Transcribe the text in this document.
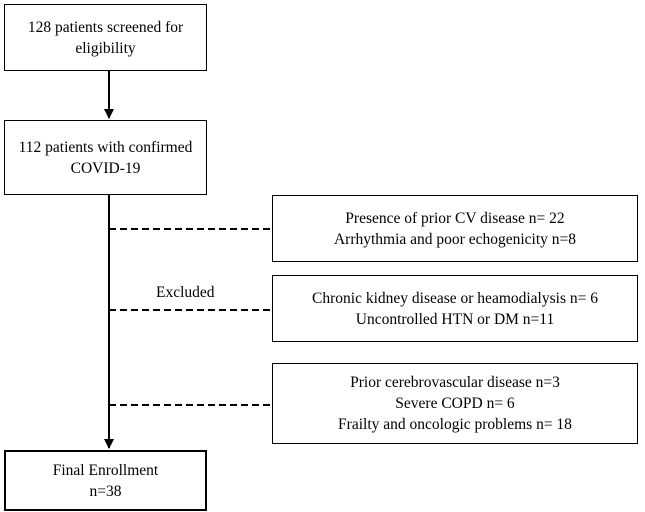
128 patients screened for
eligibility
112 patients with confirmed
COVID-19
Excluded
Presence of prior CV disease n= 22
Arrhythmia and poor echogenicity n=8
Chronic kidney disease or heamodialysis n= 6
Uncontrolled HTN or DM n=11
Prior cerebrovascular disease n=3
Severe COPD n= 6
Frailty and oncologic problems n= 18
Final Enrollment
n=38
